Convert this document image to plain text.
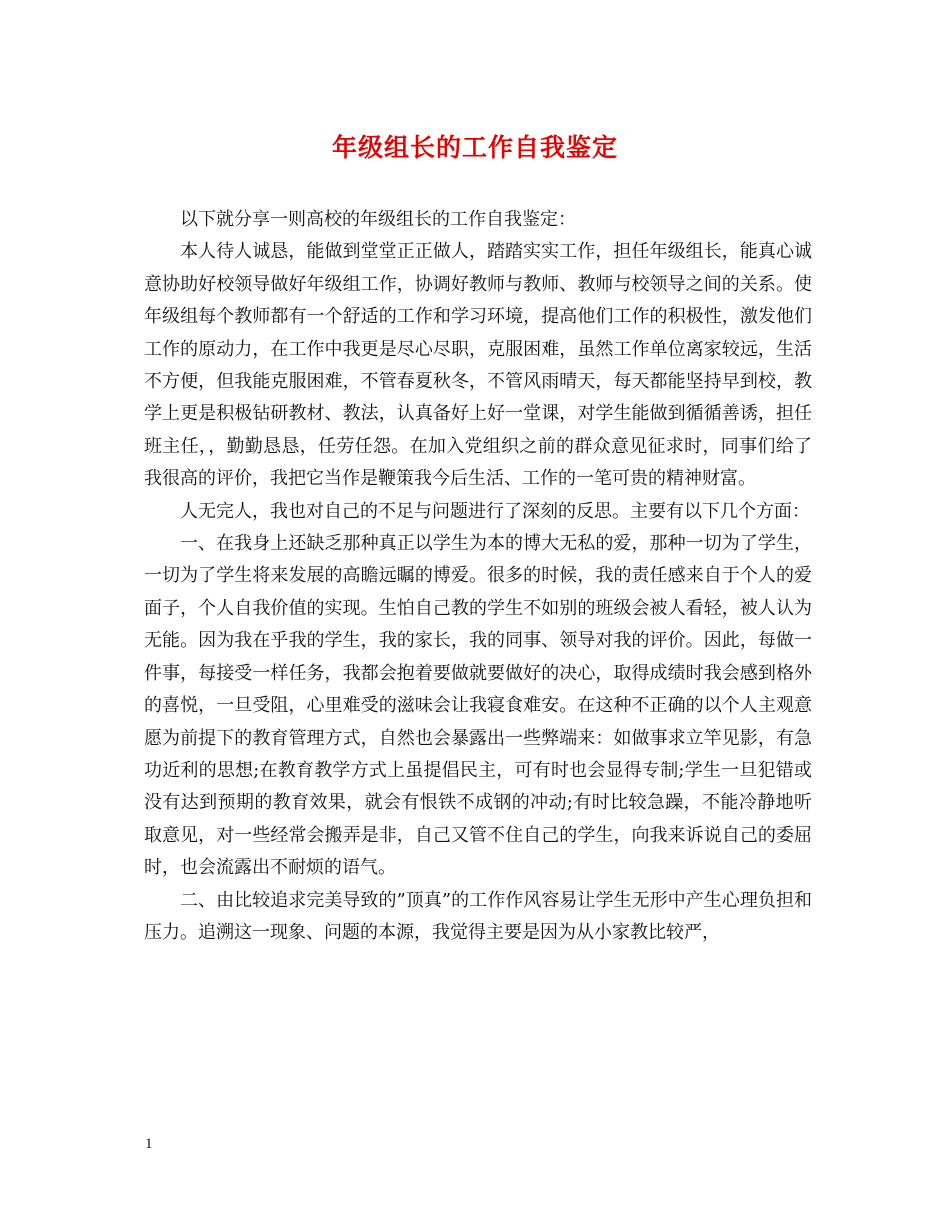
年级组长的工作自我鉴定

以下就分享一则高校的年级组长的工作自我鉴定：

本人待人诚恳，能做到堂堂正正做人，踏踏实实工作，担任年级组长，能真心诚意协助好校领导做好年级组工作，协调好教师与教师、教师与校领导之间的关系。使年级组每个教师都有一个舒适的工作和学习环境，提高他们工作的积极性，激发他们工作的原动力，在工作中我更是尽心尽职，克服困难，虽然工作单位离家较远，生活不方便，但我能克服困难，不管春夏秋冬，不管风雨晴天，每天都能坚持早到校，教学上更是积极钻研教材、教法，认真备好上好一堂课，对学生能做到循循善诱，担任班主任，，勤勤恳恳，任劳任怨。在加入党组织之前的群众意见征求时，同事们给了我很高的评价，我把它当作是鞭策我今后生活、工作的一笔可贵的精神财富。

人无完人，我也对自己的不足与问题进行了深刻的反思。主要有以下几个方面：

一、在我身上还缺乏那种真正以学生为本的博大无私的爱，那种一切为了学生，一切为了学生将来发展的高瞻远瞩的博爱。很多的时候，我的责任感来自于个人的爱面子，个人自我价值的实现。生怕自己教的学生不如别的班级会被人看轻，被人认为无能。因为我在乎我的学生，我的家长，我的同事、领导对我的评价。因此，每做一件事，每接受一样任务，我都会抱着要做就要做好的决心，取得成绩时我会感到格外的喜悦，一旦受阻，心里难受的滋味会让我寝食难安。在这种不正确的以个人主观意愿为前提下的教育管理方式，自然也会暴露出一些弊端来：如做事求立竿见影，有急功近利的思想;在教育教学方式上虽提倡民主，可有时也会显得专制;学生一旦犯错或没有达到预期的教育效果，就会有恨铁不成钢的冲动;有时比较急躁，不能冷静地听取意见，对一些经常会搬弄是非，自己又管不住自己的学生，向我来诉说自己的委屈时，也会流露出不耐烦的语气。

二、由比较追求完美导致的”顶真”的工作作风容易让学生无形中产生心理负担和压力。追溯这一现象、问题的本源，我觉得主要是因为从小家教比较严，

1
